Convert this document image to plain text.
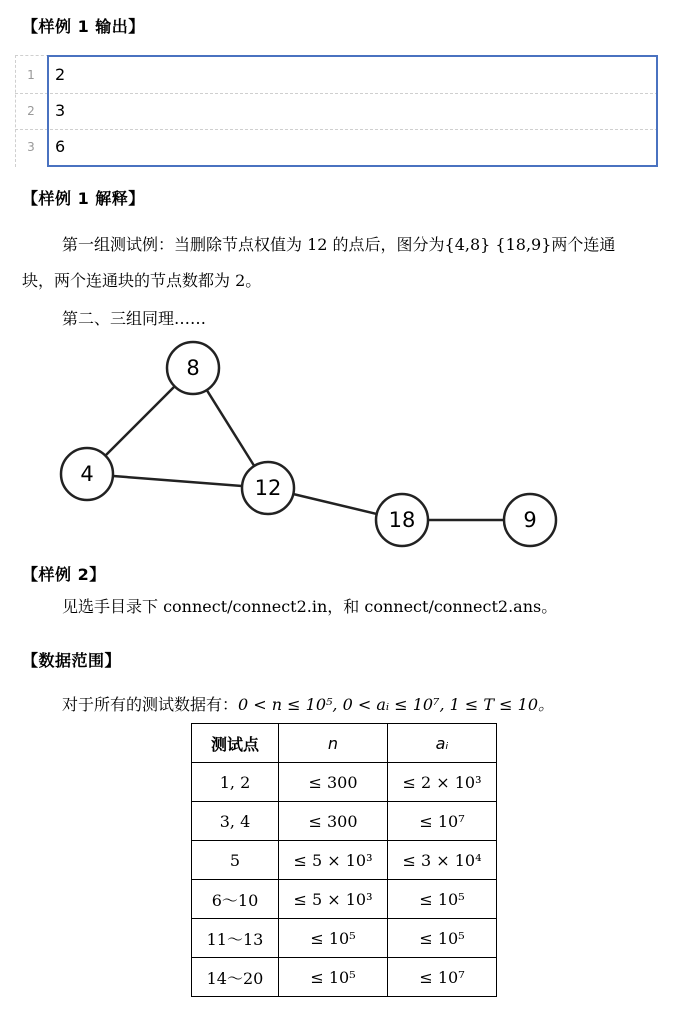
【样例 1 输出】
1	2
2	3
3	6
【样例 1 解释】
第一组测试例：当删除节点权值为 12 的点后，图分为{4,8} {18,9}两个连通
块，两个连通块的节点数都为 2。
第二、三组同理……
8
4
12
18	9
【样例 2】
见选手目录下 connect/connect2.in，和 connect/connect2.ans。
【数据范围】
对于所有的测试数据有：0 < n ≤ 10⁵, 0 < aᵢ ≤ 10⁷, 1 ≤ T ≤ 10。
测试点	n	aᵢ
1, 2	≤ 300	≤ 2 × 10³
3, 4	≤ 300	≤ 10⁷
5	≤ 5 × 10³	≤ 3 × 10⁴
6～10	≤ 5 × 10³	≤ 10⁵
11～13	≤ 10⁵	≤ 10⁵
14～20	≤ 10⁵	≤ 10⁷
